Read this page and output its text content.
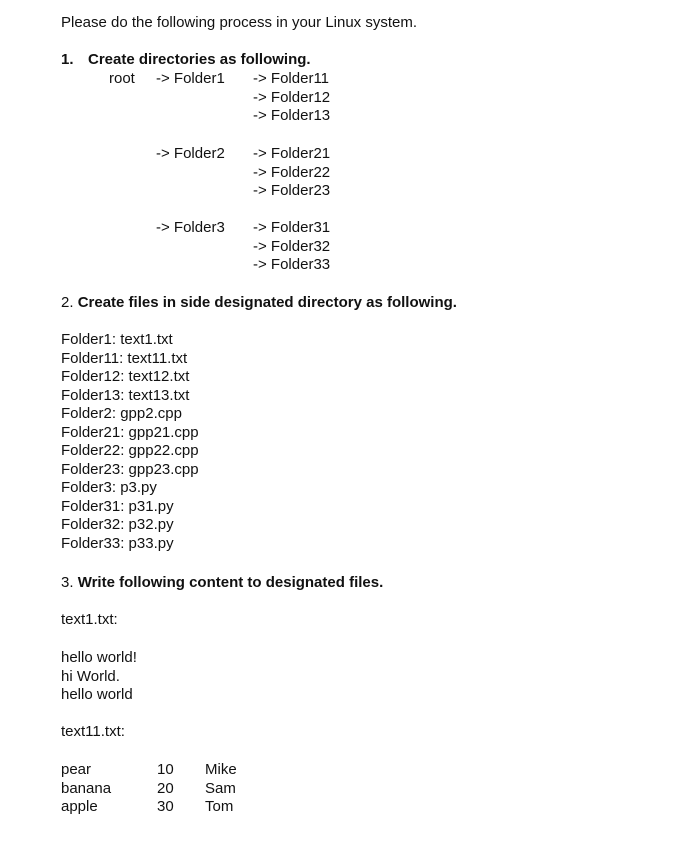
Please do the following process in your Linux system.
1. Create directories as following.
root -> Folder1 -> Folder11
-> Folder12
-> Folder13
-> Folder2 -> Folder21
-> Folder22
-> Folder23
-> Folder3 -> Folder31
-> Folder32
-> Folder33
2. Create files in side designated directory as following.
Folder1: text1.txt
Folder11: text11.txt
Folder12: text12.txt
Folder13: text13.txt
Folder2: gpp2.cpp
Folder21: gpp21.cpp
Folder22: gpp22.cpp
Folder23: gpp23.cpp
Folder3: p3.py
Folder31: p31.py
Folder32: p32.py
Folder33: p33.py
3. Write following content to designated files.
text1.txt:
hello world!
hi World.
hello world
text11.txt:
pear
banana
apple
10
20
30
Mike
Sam
Tom
